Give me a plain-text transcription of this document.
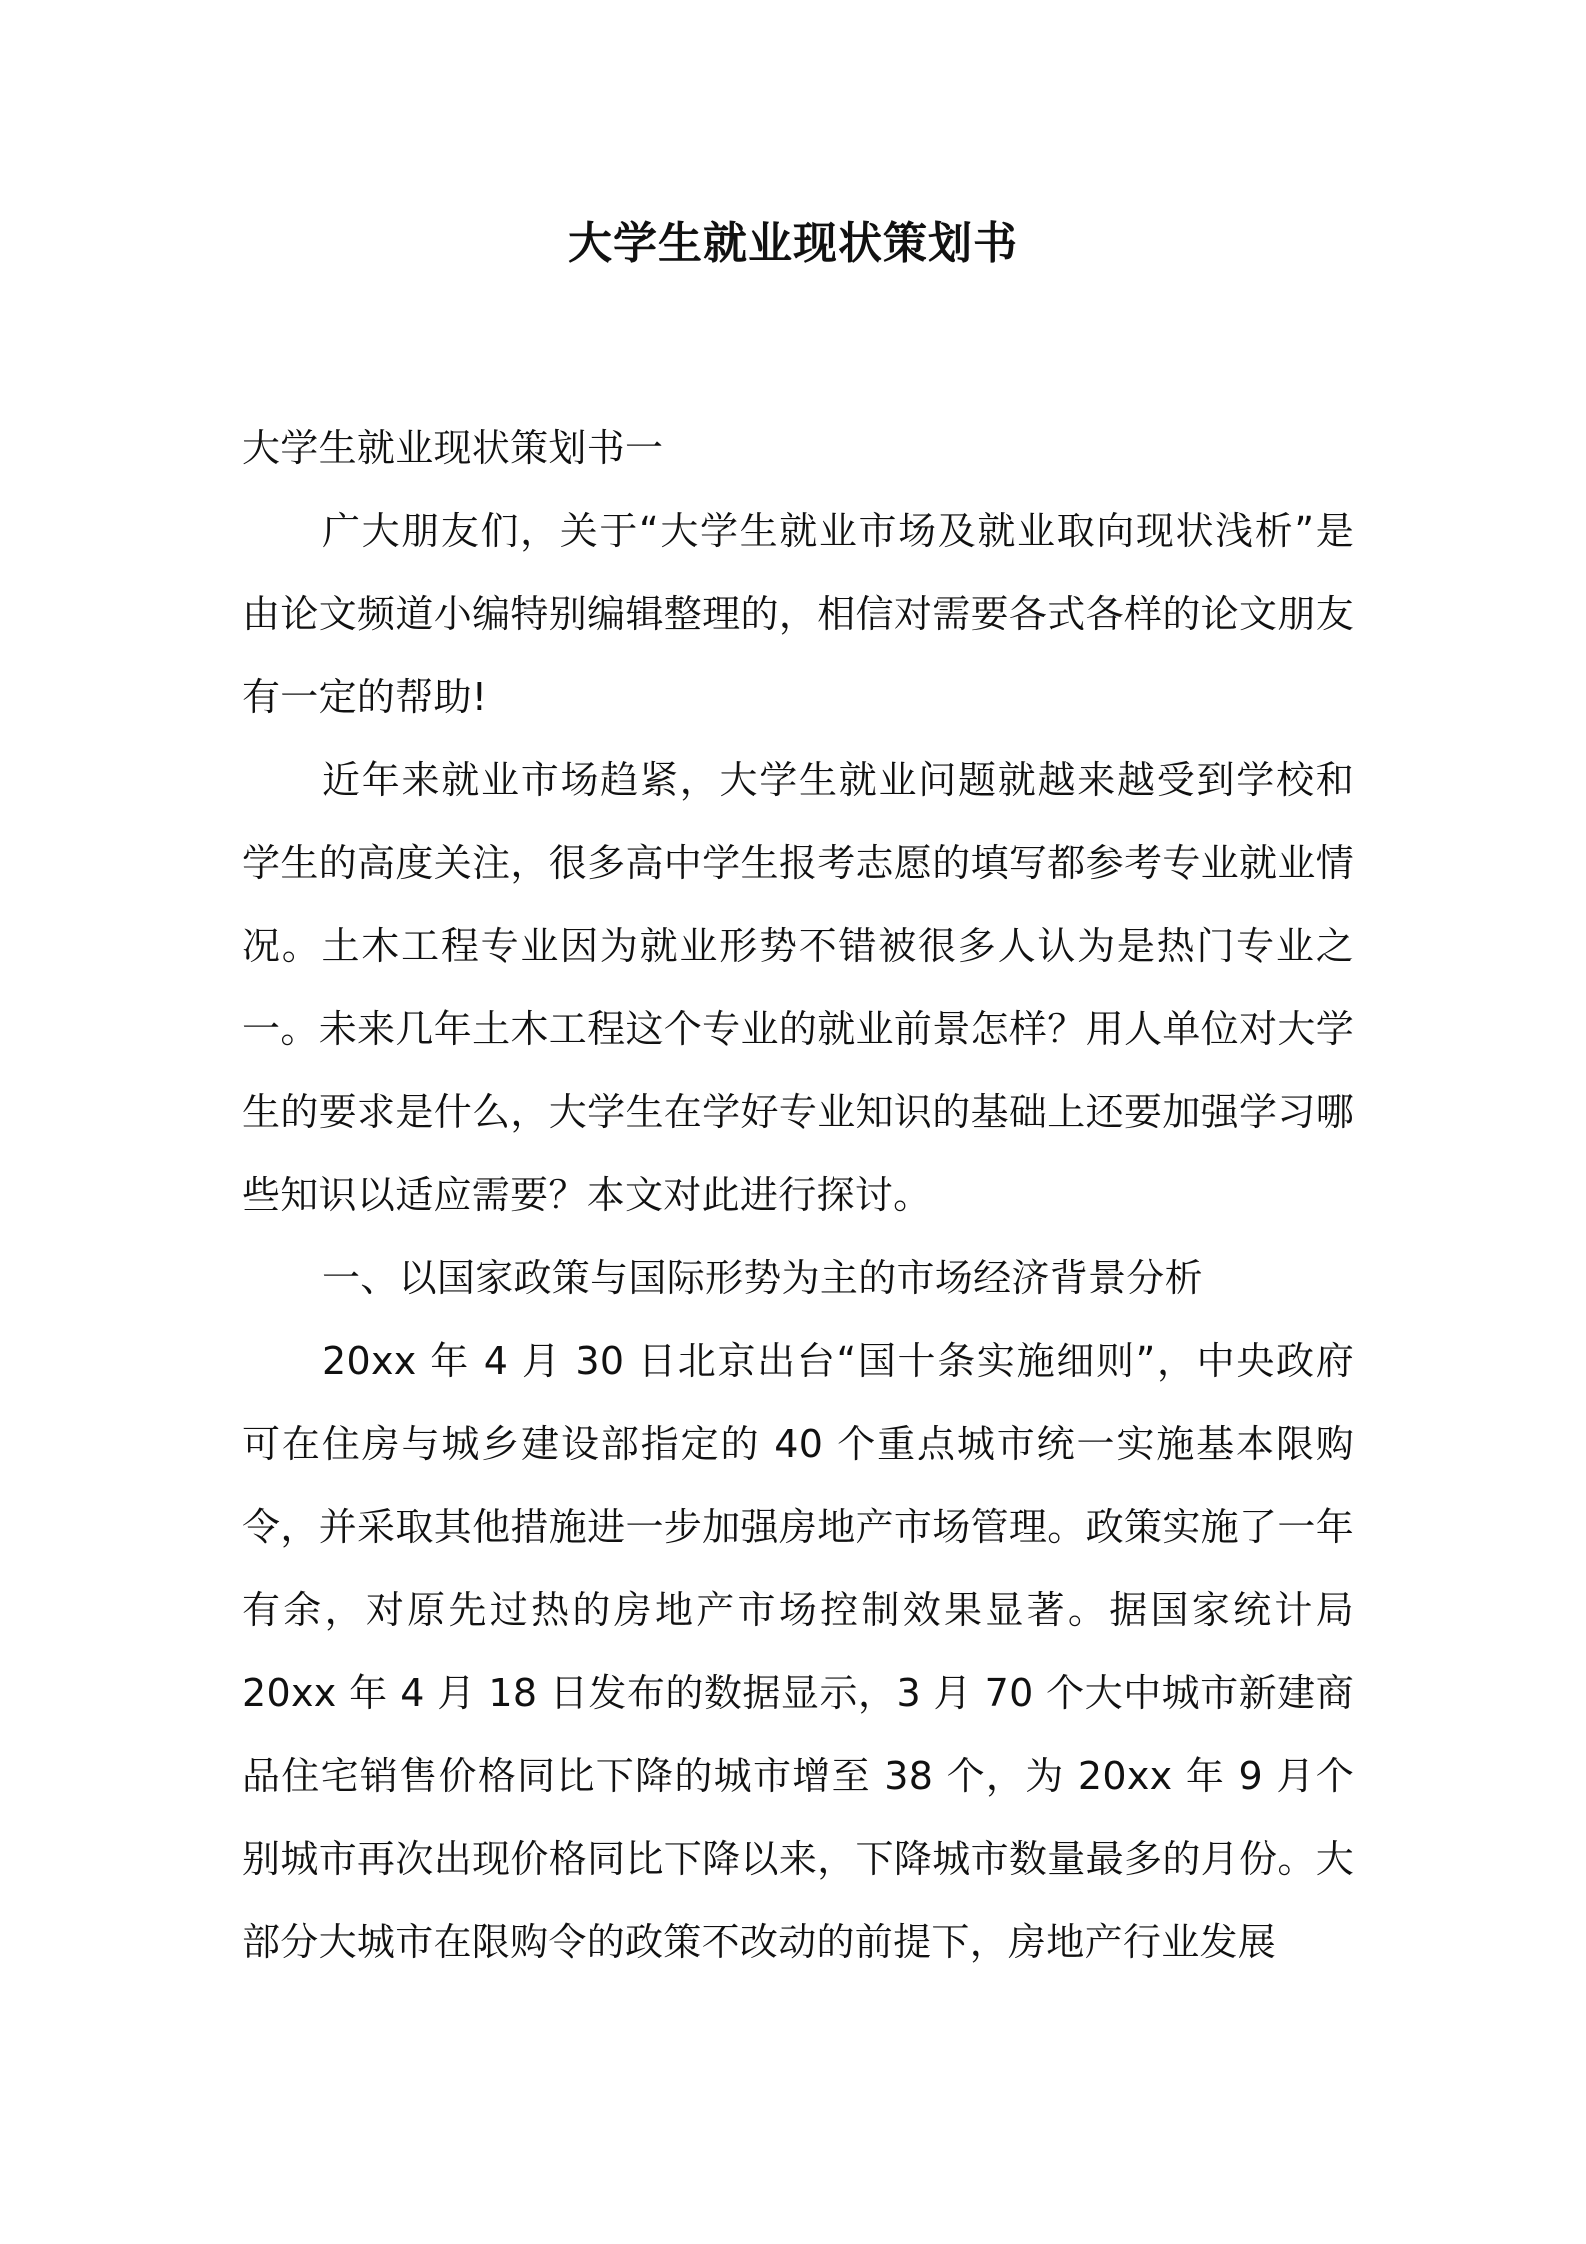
大学生就业现状策划书

大学生就业现状策划书一

广大朋友们，关于“大学生就业市场及就业取向现状浅析”是由论文频道小编特别编辑整理的，相信对需要各式各样的论文朋友有一定的帮助!

近年来就业市场趋紧，大学生就业问题就越来越受到学校和学生的高度关注，很多高中学生报考志愿的填写都参考专业就业情况。土木工程专业因为就业形势不错被很多人认为是热门专业之一。未来几年土木工程这个专业的就业前景怎样？用人单位对大学生的要求是什么，大学生在学好专业知识的基础上还要加强学习哪些知识以适应需要？本文对此进行探讨。

一、以国家政策与国际形势为主的市场经济背景分析

20xx 年 4 月 30 日北京出台“国十条实施细则”，中央政府可在住房与城乡建设部指定的 40 个重点城市统一实施基本限购令，并采取其他措施进一步加强房地产市场管理。政策实施了一年有余，对原先过热的房地产市场控制效果显著。据国家统计局 20xx 年 4 月 18 日发布的数据显示，3 月 70 个大中城市新建商品住宅销售价格同比下降的城市增至 38 个，为 20xx 年 9 月个别城市再次出现价格同比下降以来，下降城市数量最多的月份。大部分大城市在限购令的政策不改动的前提下，房地产行业发展
